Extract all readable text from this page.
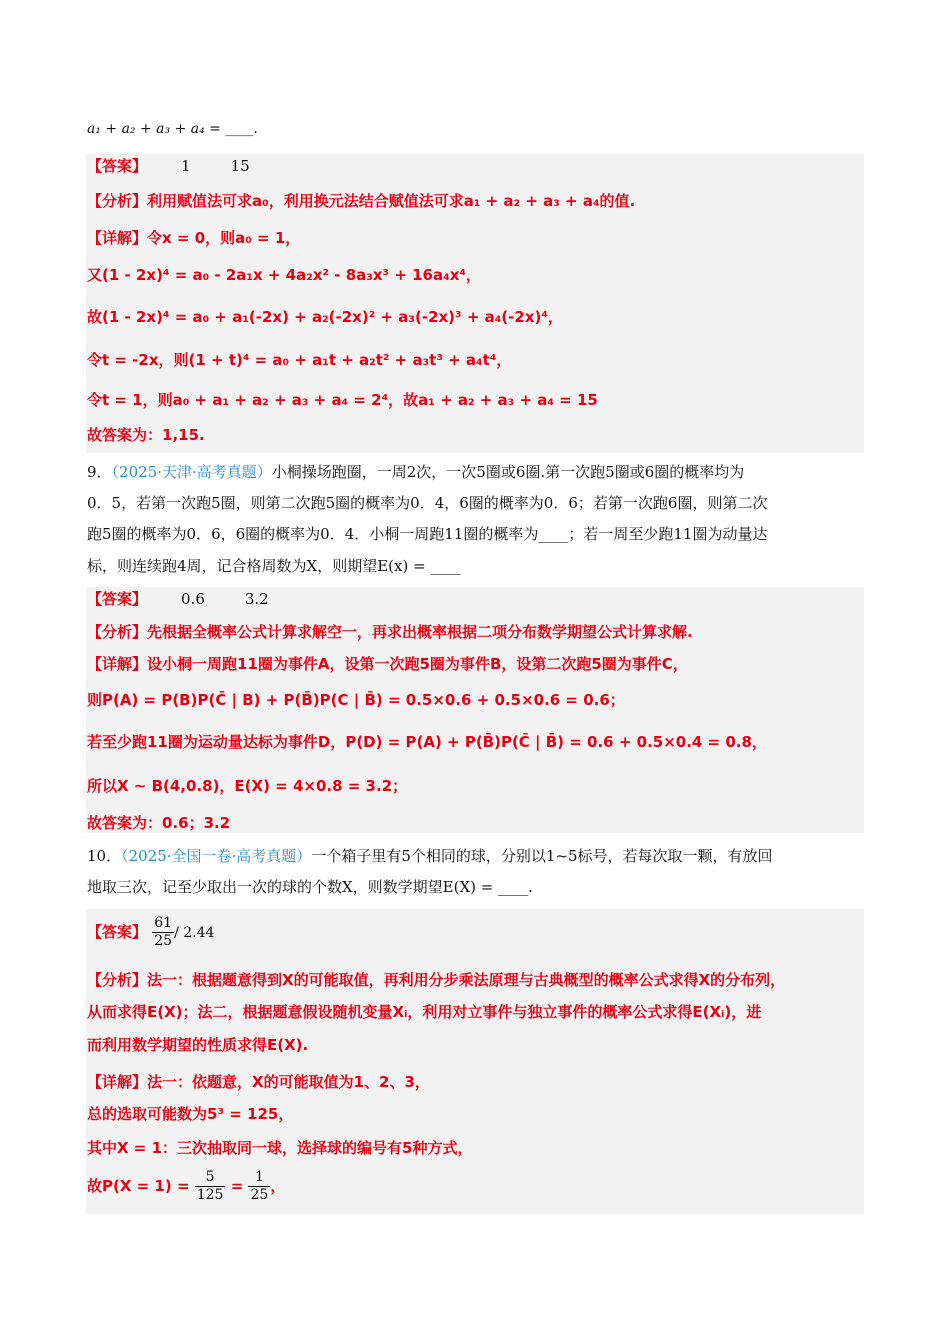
a₁ + a₂ + a₃ + a₄ = ____.
【答案】 1	15
【分析】利用赋值法可求a₀，利用换元法结合赋值法可求a₁ + a₂ + a₃ + a₄的值.
【详解】令x = 0，则a₀ = 1，
又(1 - 2x)⁴ = a₀ - 2a₁x + 4a₂x² - 8a₃x³ + 16a₄x⁴，
故(1 - 2x)⁴ = a₀ + a₁(-2x) + a₂(-2x)² + a₃(-2x)³ + a₄(-2x)⁴，
令t = -2x，则(1 + t)⁴ = a₀ + a₁t + a₂t² + a₃t³ + a₄t⁴，
令t = 1，则a₀ + a₁ + a₂ + a₃ + a₄ = 2⁴，故a₁ + a₂ + a₃ + a₄ = 15
故答案为：1,15.
9．（2025·天津·高考真题）小桐操场跑圈，一周2次，一次5圈或6圈.第一次跑5圈或6圈的概率均为
0．5，若第一次跑5圈，则第二次跑5圈的概率为0．4，6圈的概率为0．6；若第一次跑6圈，则第二次
跑5圈的概率为0．6，6圈的概率为0．4．小桐一周跑11圈的概率为____；若一周至少跑11圈为动量达
标，则连续跑4周，记合格周数为X，则期望E(x) = ____
【答案】 0.6	3.2
【分析】先根据全概率公式计算求解空一，再求出概率根据二项分布数学期望公式计算求解.
【详解】设小桐一周跑11圈为事件A，设第一次跑5圈为事件B，设第二次跑5圈为事件C，
则P(A) = P(B)P(C̄ | B) + P(B̄)P(C | B̄) = 0.5×0.6 + 0.5×0.6 = 0.6；
若至少跑11圈为运动量达标为事件D，P(D) = P(A) + P(B̄)P(C̄ | B̄) = 0.6 + 0.5×0.4 = 0.8，
所以X ~ B(4,0.8)，E(X) = 4×0.8 = 3.2；
故答案为：0.6；3.2
10．（2025·全国一卷·高考真题）一个箱子里有5个相同的球，分别以1~5标号，若每次取一颗，有放回
地取三次，记至少取出一次的球的个数X，则数学期望E(X) = ____.
【答案】 $\frac{61}{25} / 2.44$
【分析】法一：根据题意得到X的可能取值，再利用分步乘法原理与古典概型的概率公式求得X的分布列，
从而求得E(X)；法二，根据题意假设随机变量Xᵢ，利用对立事件与独立事件的概率公式求得E(Xᵢ)，进
而利用数学期望的性质求得E(X).
【详解】法一：依题意，X的可能取值为1、2、3，
总的选取可能数为5³ = 125，
其中X = 1：三次抽取同一球，选择球的编号有5种方式，
故$P(X = 1) = \frac{5}{125} = \frac{1}{25}$ ，
